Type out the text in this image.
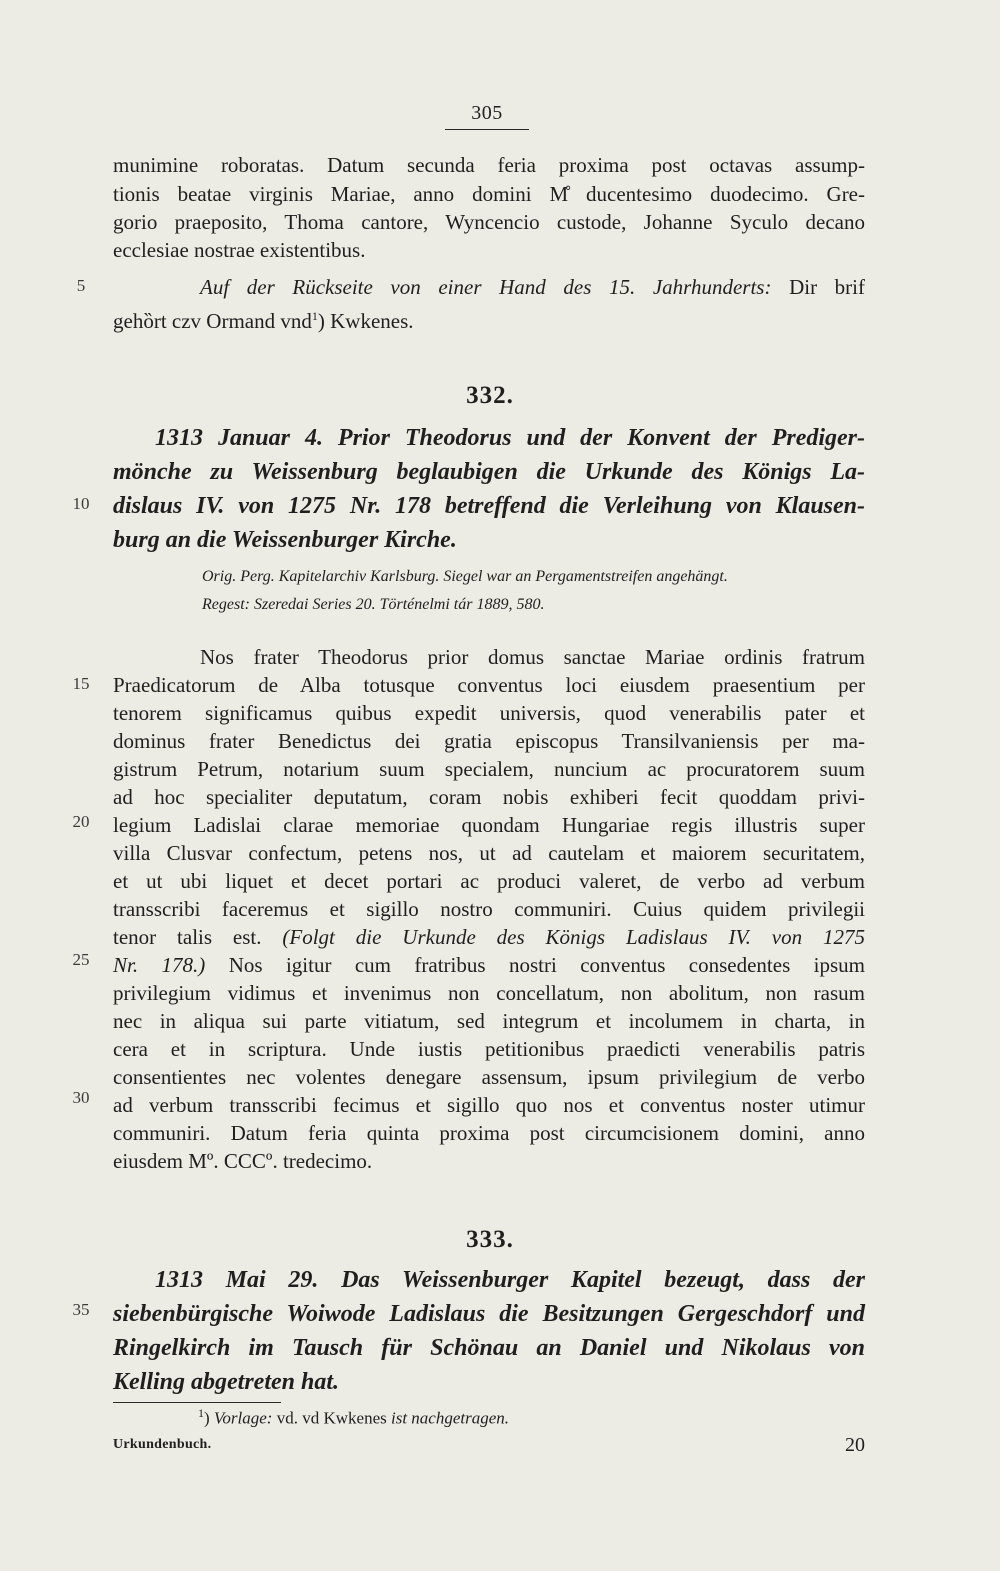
305
5
10
15
20
25
30
35
munimine roboratas. Datum secunda feria proxima post octavas assump-
tionis beatae virginis Mariae, anno domini M̊ ducentesimo duodecimo. Gre-
gorio praeposito, Thoma cantore, Wyncencio custode, Johanne Syculo decano
ecclesiae nostrae existentibus.
Auf der Rückseite von einer Hand des 15. Jahrhunderts: Dir brif
gehȍrt czv Ormand vnd$^1$) Kwkenes.
332.
1313 Januar 4. Prior Theodorus und der Konvent der Prediger-
mönche zu Weissenburg beglaubigen die Urkunde des Königs La-
dislaus IV. von 1275 Nr. 178 betreffend die Verleihung von Klausen-
burg an die Weissenburger Kirche.
Orig. Perg. Kapitelarchiv Karlsburg. Siegel war an Pergamentstreifen angehängt.
Regest: Szeredai Series 20. Történelmi tár 1889, 580.
Nos frater Theodorus prior domus sanctae Mariae ordinis fratrum
Praedicatorum de Alba totusque conventus loci eiusdem praesentium per
tenorem significamus quibus expedit universis, quod venerabilis pater et
dominus frater Benedictus dei gratia episcopus Transilvaniensis per ma-
gistrum Petrum, notarium suum specialem, nuncium ac procuratorem suum
ad hoc specialiter deputatum, coram nobis exhiberi fecit quoddam privi-
legium Ladislai clarae memoriae quondam Hungariae regis illustris super
villa Clusvar confectum, petens nos, ut ad cautelam et maiorem securitatem,
et ut ubi liquet et decet portari ac produci valeret, de verbo ad verbum
transscribi faceremus et sigillo nostro communiri. Cuius quidem privilegii
tenor talis est. (Folgt die Urkunde des Königs Ladislaus IV. von 1275
Nr. 178.) Nos igitur cum fratribus nostri conventus consedentes ipsum
privilegium vidimus et invenimus non concellatum, non abolitum, non rasum
nec in aliqua sui parte vitiatum, sed integrum et incolumem in charta, in
cera et in scriptura. Unde iustis petitionibus praedicti venerabilis patris
consentientes nec volentes denegare assensum, ipsum privilegium de verbo
ad verbum transscribi fecimus et sigillo quo nos et conventus noster utimur
communiri. Datum feria quinta proxima post circumcisionem domini, anno
eiusdem Mº. CCCº. tredecimo.
333.
1313 Mai 29. Das Weissenburger Kapitel bezeugt, dass der
siebenbürgische Woiwode Ladislaus die Besitzungen Gergeschdorf und
Ringelkirch im Tausch für Schönau an Daniel und Nikolaus von
Kelling abgetreten hat.
$^1$) Vorlage: vd. vd Kwkenes ist nachgetragen.
Urkundenbuch.	20
